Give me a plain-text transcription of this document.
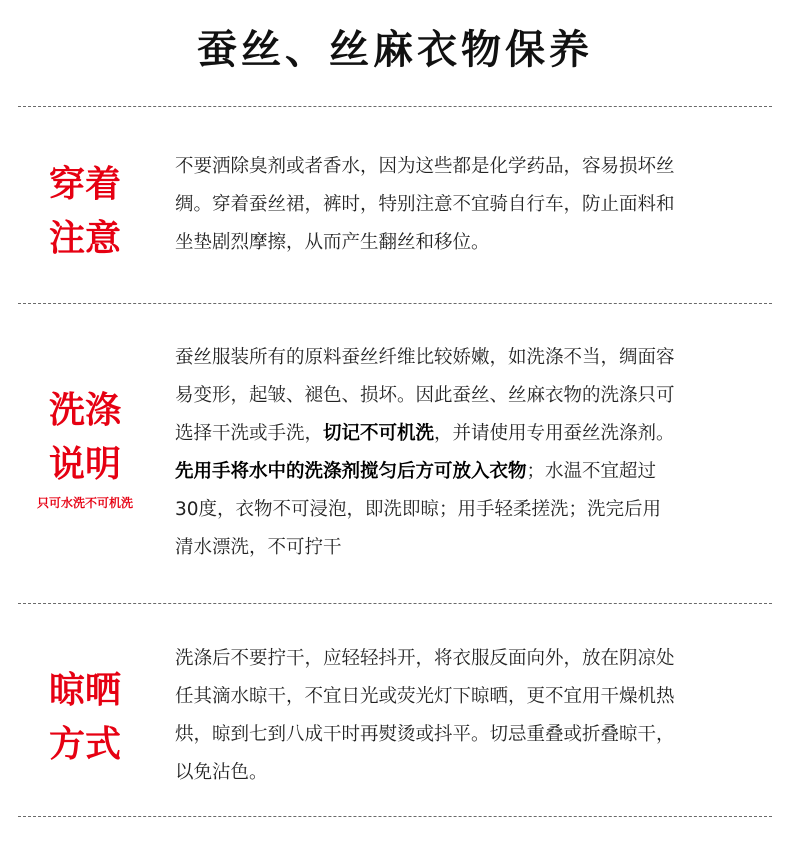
蚕丝、丝麻衣物保养
穿着
注意
不要洒除臭剂或者香水，因为这些都是化学药品，容易损坏丝
绸。穿着蚕丝裙，裤时，特别注意不宜骑自行车，防止面料和
坐垫剧烈摩擦，从而产生翻丝和移位。
洗涤
说明
只可水洗不可机洗
蚕丝服装所有的原料蚕丝纤维比较娇嫩，如洗涤不当，绸面容
易变形，起皱、褪色、损坏。因此蚕丝、丝麻衣物的洗涤只可
选择干洗或手洗，切记不可机洗，并请使用专用蚕丝洗涤剂。
先用手将水中的洗涤剂搅匀后方可放入衣物；水温不宜超过
30度，衣物不可浸泡，即洗即晾；用手轻柔搓洗；洗完后用
清水漂洗，不可拧干
晾晒
方式
洗涤后不要拧干，应轻轻抖开，将衣服反面向外，放在阴凉处
任其滴水晾干，不宜日光或荧光灯下晾晒，更不宜用干燥机热
烘，晾到七到八成干时再熨烫或抖平。切忌重叠或折叠晾干，
以免沾色。
